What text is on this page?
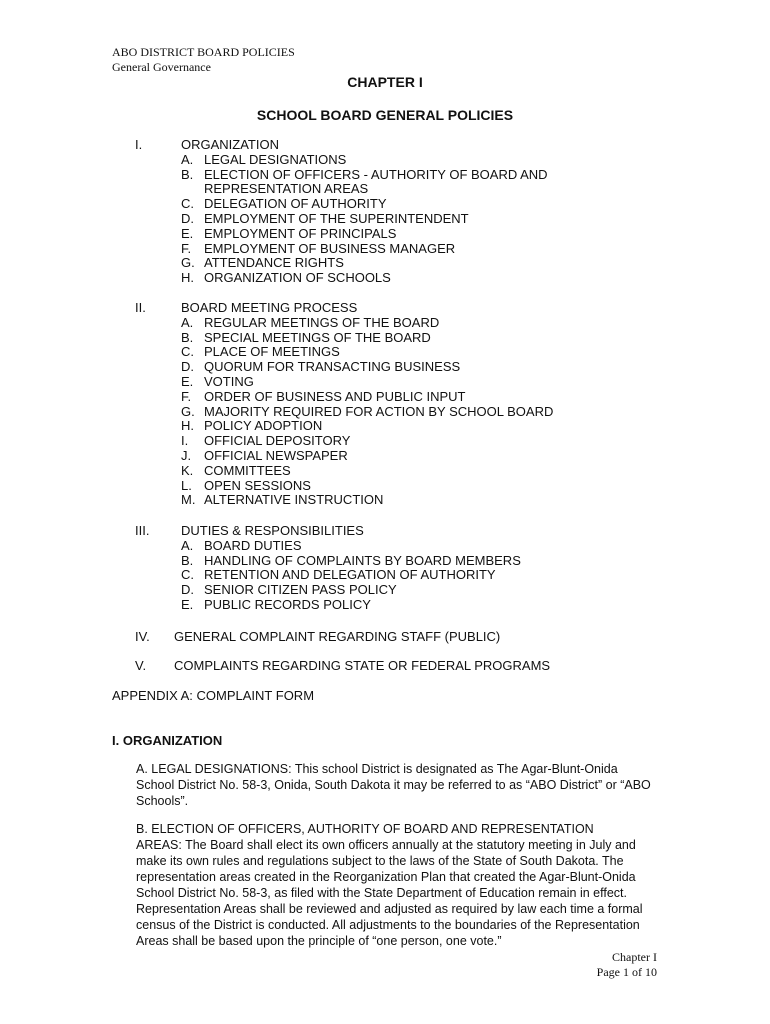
ABO DISTRICT BOARD POLICIES
General Governance
CHAPTER I
SCHOOL BOARD GENERAL POLICIES
I.	ORGANIZATION
A. LEGAL DESIGNATIONS
B. ELECTION OF OFFICERS - AUTHORITY OF BOARD AND
REPRESENTATION AREAS
C. DELEGATION OF AUTHORITY
D. EMPLOYMENT OF THE SUPERINTENDENT
E. EMPLOYMENT OF PRINCIPALS
F. EMPLOYMENT OF BUSINESS MANAGER
G. ATTENDANCE RIGHTS
H. ORGANIZATION OF SCHOOLS
II.	BOARD MEETING PROCESS
A. REGULAR MEETINGS OF THE BOARD
B. SPECIAL MEETINGS OF THE BOARD
C. PLACE OF MEETINGS
D. QUORUM FOR TRANSACTING BUSINESS
E. VOTING
F. ORDER OF BUSINESS AND PUBLIC INPUT
G. MAJORITY REQUIRED FOR ACTION BY SCHOOL BOARD
H. POLICY ADOPTION
I. OFFICIAL DEPOSITORY
J. OFFICIAL NEWSPAPER
K. COMMITTEES
L. OPEN SESSIONS
M. ALTERNATIVE INSTRUCTION
III. DUTIES & RESPONSIBILITIES
A. BOARD DUTIES
B. HANDLING OF COMPLAINTS BY BOARD MEMBERS
C. RETENTION AND DELEGATION OF AUTHORITY
D. SENIOR CITIZEN PASS POLICY
E. PUBLIC RECORDS POLICY
IV. GENERAL COMPLAINT REGARDING STAFF (PUBLIC)
V. COMPLAINTS REGARDING STATE OR FEDERAL PROGRAMS
APPENDIX A: COMPLAINT FORM
I. ORGANIZATION
A. LEGAL DESIGNATIONS: This school District is designated as The Agar-Blunt-Onida
School District No. 58-3, Onida, South Dakota it may be referred to as “ABO District” or “ABO
Schools”.
B. ELECTION OF OFFICERS, AUTHORITY OF BOARD AND REPRESENTATION
AREAS: The Board shall elect its own officers annually at the statutory meeting in July and
make its own rules and regulations subject to the laws of the State of South Dakota. The
representation areas created in the Reorganization Plan that created the Agar-Blunt-Onida
School District No. 58-3, as filed with the State Department of Education remain in effect.
Representation Areas shall be reviewed and adjusted as required by law each time a formal
census of the District is conducted. All adjustments to the boundaries of the Representation
Areas shall be based upon the principle of “one person, one vote.”
Chapter I
Page 1 of 10
